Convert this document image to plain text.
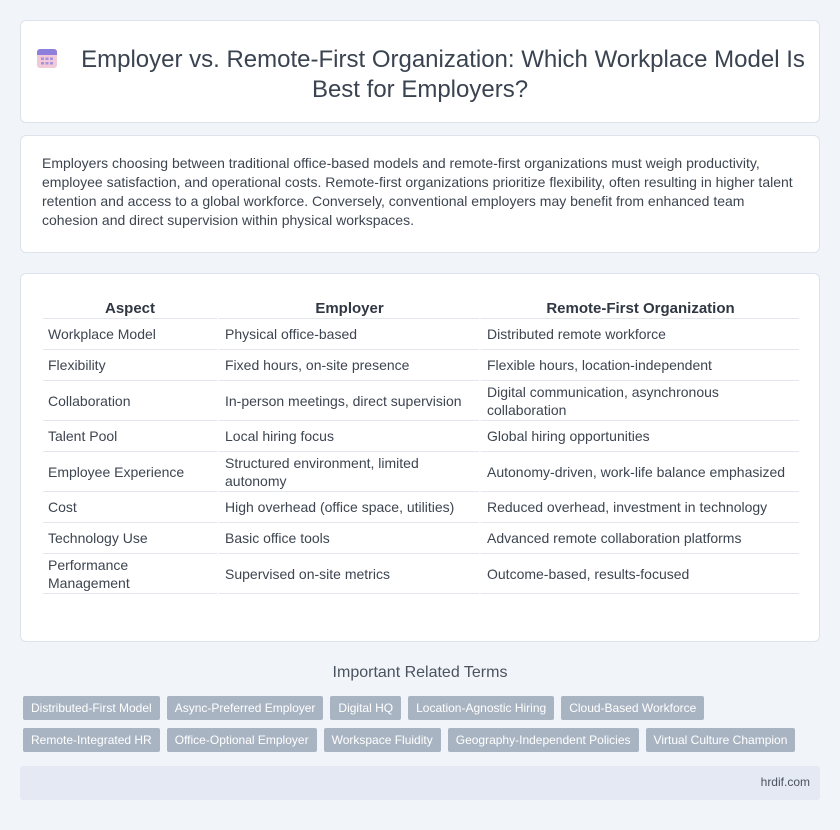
Employer vs. Remote-First Organization: Which Workplace Model Is Best for Employers?

Employers choosing between traditional office-based models and remote-first organizations must weigh productivity, employee satisfaction, and operational costs. Remote-first organizations prioritize flexibility, often resulting in higher talent retention and access to a global workforce. Conversely, conventional employers may benefit from enhanced team cohesion and direct supervision within physical workspaces.

Aspect	Employer	Remote-First Organization
Workplace Model	Physical office-based	Distributed remote workforce
Flexibility	Fixed hours, on-site presence	Flexible hours, location-independent
Collaboration	In-person meetings, direct supervision	Digital communication, asynchronous collaboration
Talent Pool	Local hiring focus	Global hiring opportunities
Employee Experience	Structured environment, limited autonomy	Autonomy-driven, work-life balance emphasized
Cost	High overhead (office space, utilities)	Reduced overhead, investment in technology
Technology Use	Basic office tools	Advanced remote collaboration platforms
Performance Management	Supervised on-site metrics	Outcome-based, results-focused
Important Related Terms
Distributed-First Model	Async-Preferred Employer	Digital HQ	Location-Agnostic Hiring	Cloud-Based Workforce
Remote-Integrated HR	Office-Optional Employer	Workspace Fluidity	Geography-Independent Policies	Virtual Culture Champion
hrdif.com
